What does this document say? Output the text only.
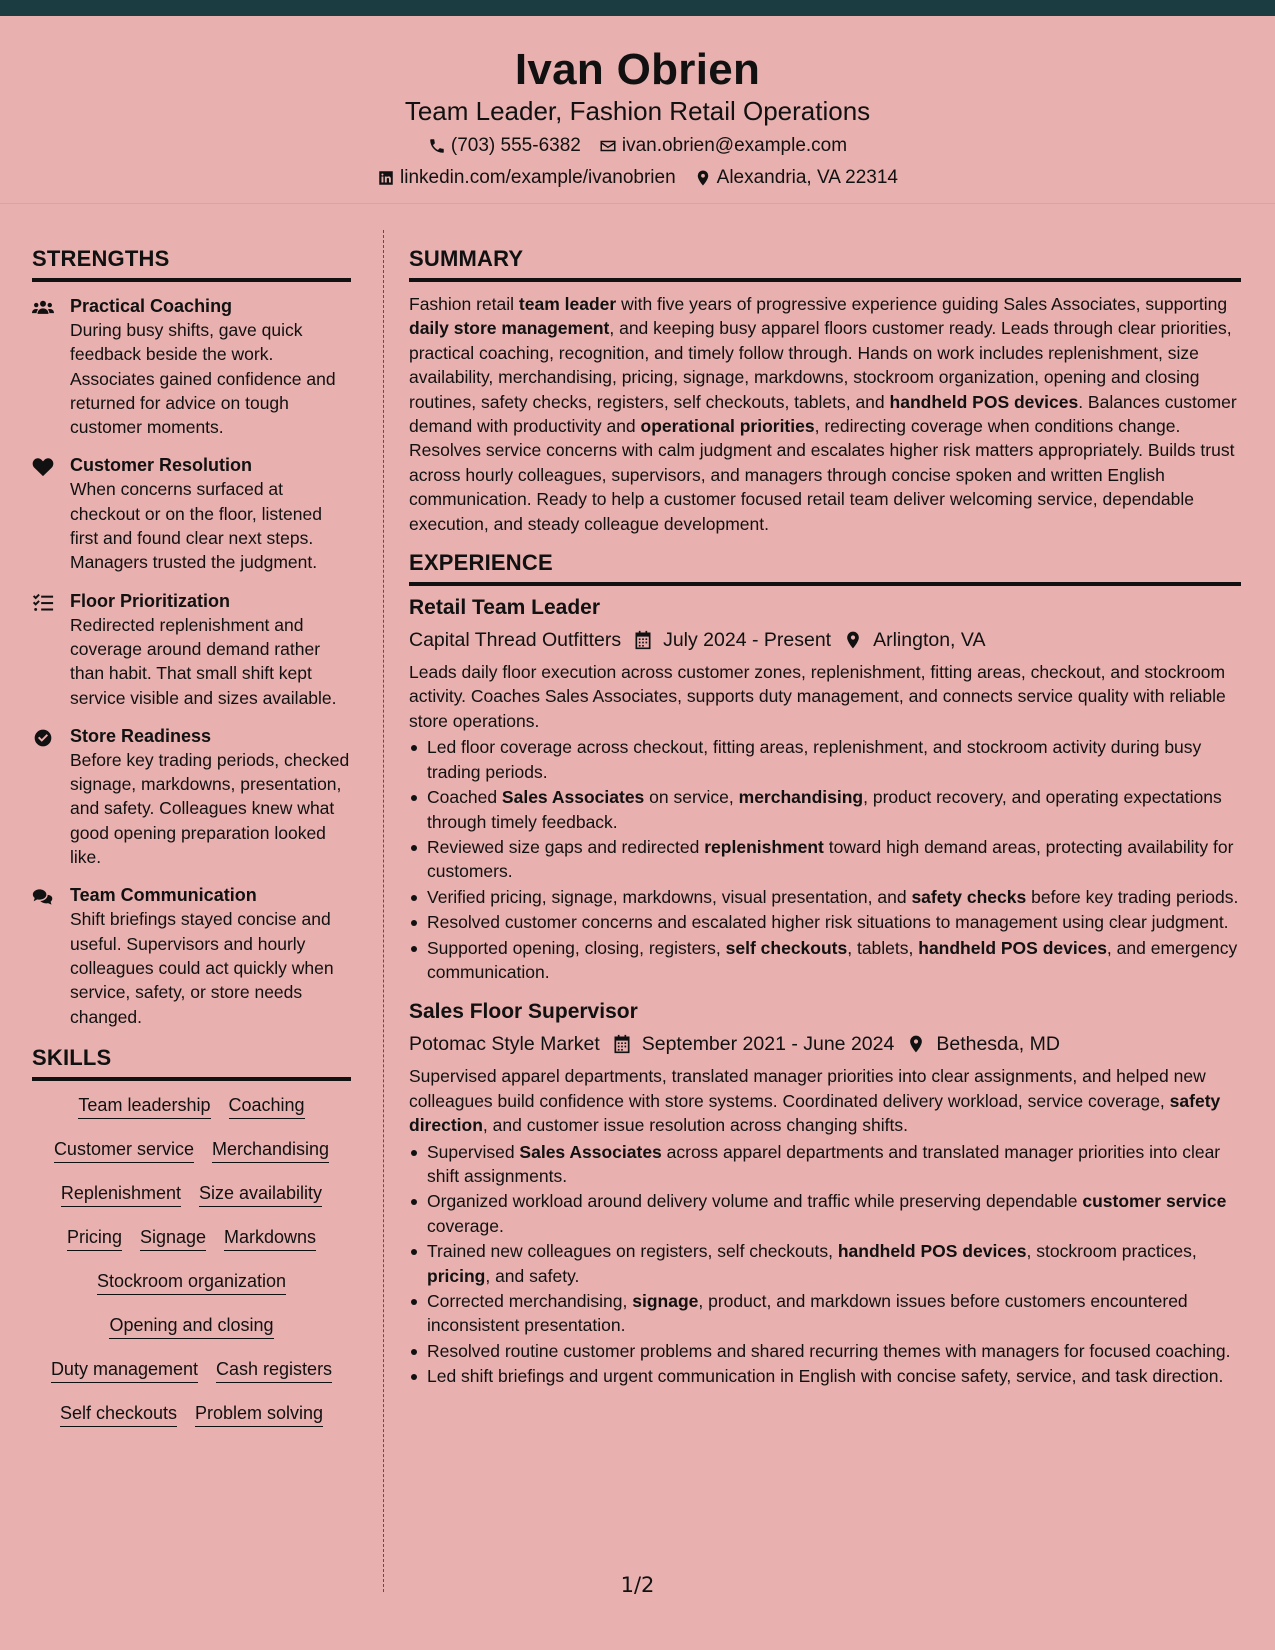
Ivan Obrien
Team Leader, Fashion Retail Operations
(703) 555-6382 ivan.obrien@example.com
linkedin.com/example/ivanobrien Alexandria, VA 22314
STRENGTHS
Practical Coaching
During busy shifts, gave quick feedback beside the work. Associates gained confidence and returned for advice on tough customer moments.
Customer Resolution
When concerns surfaced at checkout or on the floor, listened first and found clear next steps. Managers trusted the judgment.
Floor Prioritization
Redirected replenishment and coverage around demand rather than habit. That small shift kept service visible and sizes available.
Store Readiness
Before key trading periods, checked signage, markdowns, presentation, and safety. Colleagues knew what good opening preparation looked like.
Team Communication
Shift briefings stayed concise and useful. Supervisors and hourly colleagues could act quickly when service, safety, or store needs changed.
SKILLS
Team leadership Coaching
Customer service Merchandising
Replenishment Size availability
Pricing Signage Markdowns
Stockroom organization
Opening and closing
Duty management Cash registers
Self checkouts Problem solving
SUMMARY

Fashion retail team leader with five years of progressive experience guiding Sales Associates, supporting daily store management, and keeping busy apparel floors customer ready. Leads through clear priorities, practical coaching, recognition, and timely follow through. Hands on work includes replenishment, size availability, merchandising, pricing, signage, markdowns, stockroom organization, opening and closing routines, safety checks, registers, self checkouts, tablets, and handheld POS devices. Balances customer demand with productivity and operational priorities, redirecting coverage when conditions change. Resolves service concerns with calm judgment and escalates higher risk matters appropriately. Builds trust across hourly colleagues, supervisors, and managers through concise spoken and written English communication. Ready to help a customer focused retail team deliver welcoming service, dependable execution, and steady colleague development.

EXPERIENCE
Retail Team Leader
Capital Thread Outfitters July 2024 - Present Arlington, VA

Leads daily floor execution across customer zones, replenishment, fitting areas, checkout, and stockroom activity. Coaches Sales Associates, supports duty management, and connects service quality with reliable store operations.

Led floor coverage across checkout, fitting areas, replenishment, and stockroom activity during busy trading periods.
Coached Sales Associates on service, merchandising, product recovery, and operating expectations through timely feedback.
Reviewed size gaps and redirected replenishment toward high demand areas, protecting availability for customers.
Verified pricing, signage, markdowns, visual presentation, and safety checks before key trading periods.
Resolved customer concerns and escalated higher risk situations to management using clear judgment.
Supported opening, closing, registers, self checkouts, tablets, handheld POS devices, and emergency communication.
Sales Floor Supervisor
Potomac Style Market September 2021 - June 2024 Bethesda, MD

Supervised apparel departments, translated manager priorities into clear assignments, and helped new colleagues build confidence with store systems. Coordinated delivery workload, service coverage, safety direction, and customer issue resolution across changing shifts.

Supervised Sales Associates across apparel departments and translated manager priorities into clear shift assignments.
Organized workload around delivery volume and traffic while preserving dependable customer service coverage.
Trained new colleagues on registers, self checkouts, handheld POS devices, stockroom practices, pricing, and safety.
Corrected merchandising, signage, product, and markdown issues before customers encountered inconsistent presentation.
Resolved routine customer problems and shared recurring themes with managers for focused coaching.
Led shift briefings and urgent communication in English with concise safety, service, and task direction.
1/2
